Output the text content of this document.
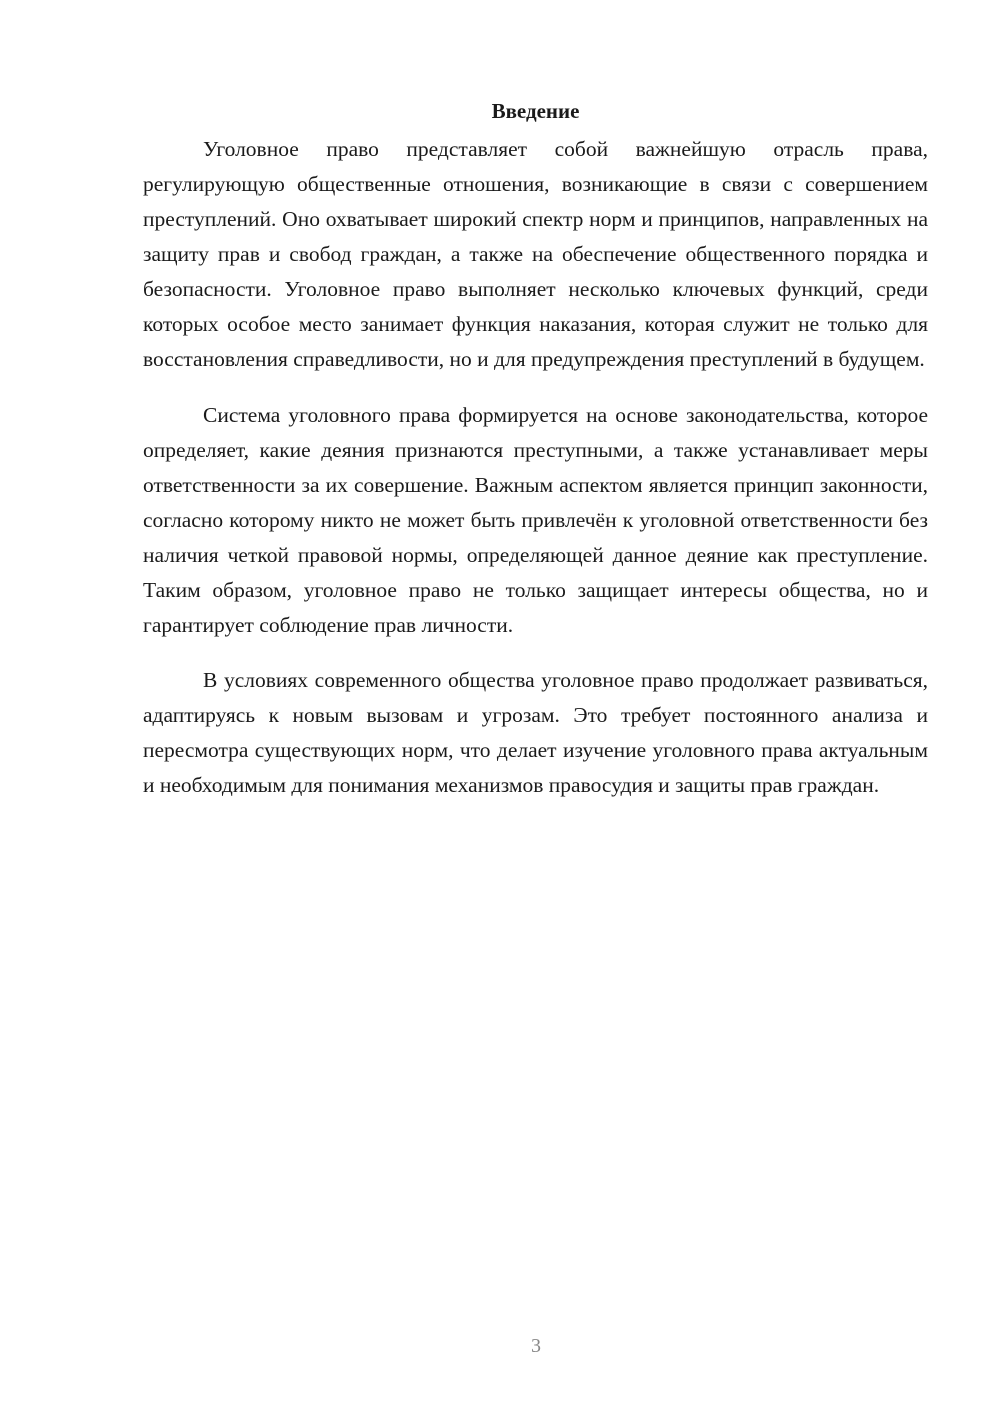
Введение

Уголовное право представляет собой важнейшую отрасль права, регулирующую общественные отношения, возникающие в связи с совершением преступлений. Оно охватывает широкий спектр норм и принципов, направленных на защиту прав и свобод граждан, а также на обеспечение общественного порядка и безопасности. Уголовное право выполняет несколько ключевых функций, среди которых особое место занимает функция наказания, которая служит не только для восстановления справедливости, но и для предупреждения преступлений в будущем.

Система уголовного права формируется на основе законодательства, которое определяет, какие деяния признаются преступными, а также устанавливает меры ответственности за их совершение. Важным аспектом является принцип законности, согласно которому никто не может быть привлечён к уголовной ответственности без наличия четкой правовой нормы, определяющей данное деяние как преступление. Таким образом, уголовное право не только защищает интересы общества, но и гарантирует соблюдение прав личности.

В условиях современного общества уголовное право продолжает развиваться, адаптируясь к новым вызовам и угрозам. Это требует постоянного анализа и пересмотра существующих норм, что делает изучение уголовного права актуальным и необходимым для понимания механизмов правосудия и защиты прав граждан.

3
